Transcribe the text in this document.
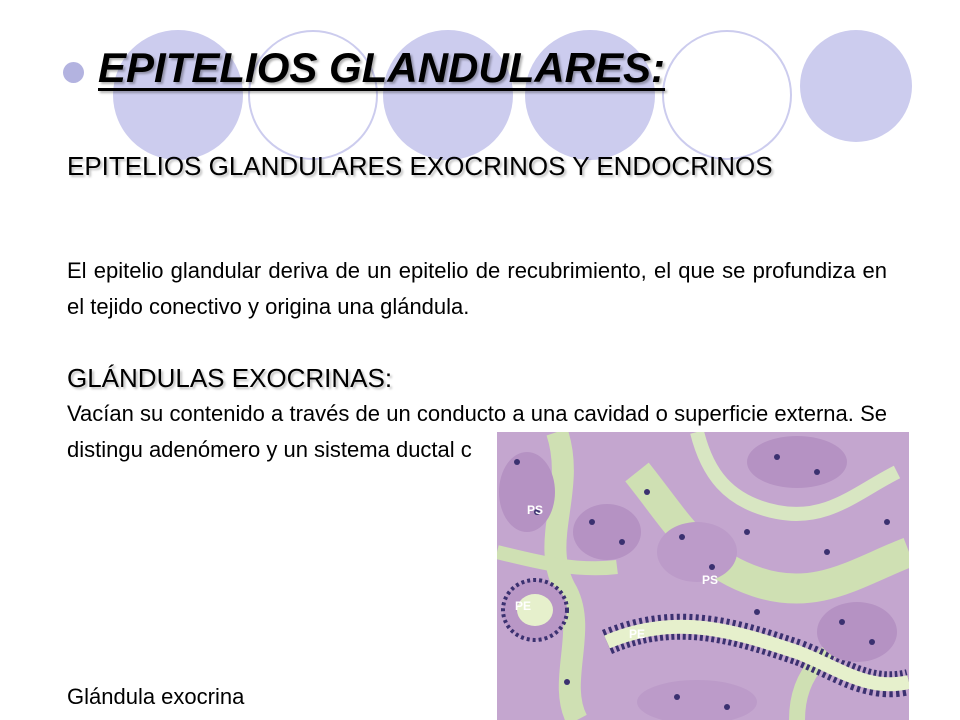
EPITELIOS GLANDULARES:
EPITELIOS GLANDULARES EXOCRINOS Y ENDOCRINOS

El epitelio glandular deriva de un epitelio de recubrimiento, el que se profundiza en el tejido conectivo y origina una glándula.

GLÁNDULAS EXOCRINAS:

Vacían su contenido a través de un conducto a una cavidad o superficie externa. Se distingu adenómero y un sistema ductal c

PS
PS
PE
PE

Glándula exocrina
